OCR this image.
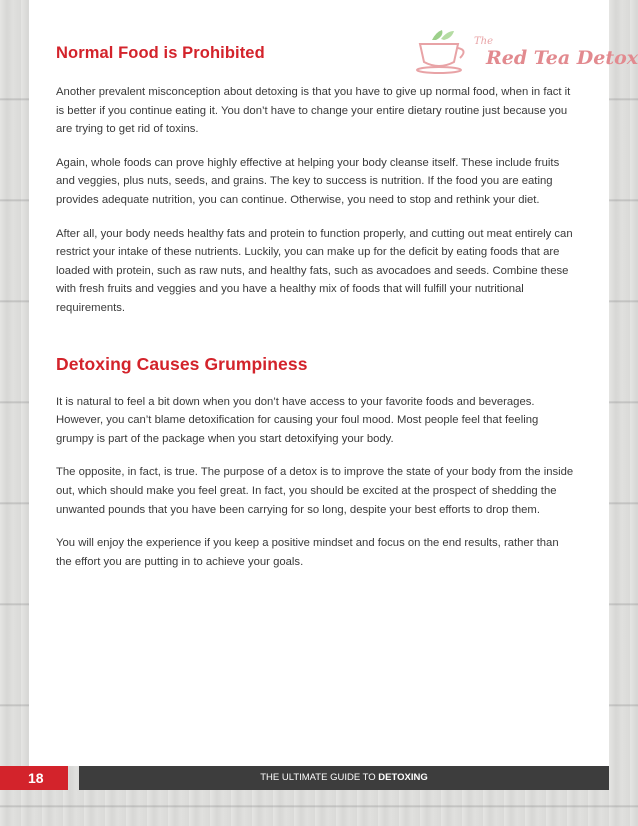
The
Red Tea Detox
Normal Food is Prohibited

Another prevalent misconception about detoxing is that you have to give up normal food, when in fact it is better if you continue eating it. You don’t have to change your entire dietary routine just because you are trying to get rid of toxins.

Again, whole foods can prove highly effective at helping your body cleanse itself. These include fruits and veggies, plus nuts, seeds, and grains. The key to success is nutrition. If the food you are eating provides adequate nutrition, you can continue. Otherwise, you need to stop and rethink your diet.

After all, your body needs healthy fats and protein to function properly, and cutting out meat entirely can restrict your intake of these nutrients. Luckily, you can make up for the deficit by eating foods that are loaded with protein, such as raw nuts, and healthy fats, such as avocadoes and seeds. Combine these with fresh fruits and veggies and you have a healthy mix of foods that will fulfill your nutritional requirements.

Detoxing Causes Grumpiness

It is natural to feel a bit down when you don’t have access to your favorite foods and beverages. However, you can’t blame detoxification for causing your foul mood. Most people feel that feeling grumpy is part of the package when you start detoxifying your body.

The opposite, in fact, is true. The purpose of a detox is to improve the state of your body from the inside out, which should make you feel great. In fact, you should be excited at the prospect of shedding the unwanted pounds that you have been carrying for so long, despite your best efforts to drop them.

You will enjoy the experience if you keep a positive mindset and focus on the end results, rather than the effort you are putting in to achieve your goals.

18	THE ULTIMATE GUIDE TO DETOXING
